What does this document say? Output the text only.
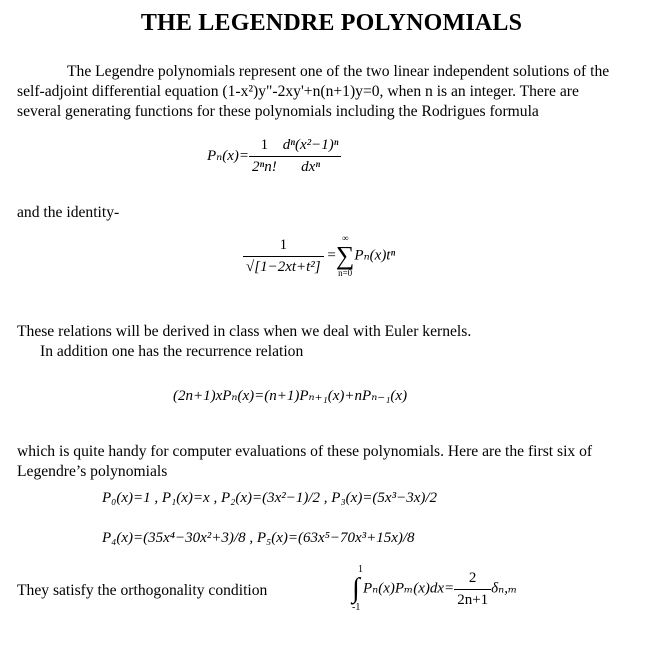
THE LEGENDRE POLYNOMIALS
The Legendre polynomials represent one of the two linear independent solutions of the
self-adjoint differential equation (1-x²)y"-2xy'+n(n+1)y=0, when n is an integer. There are
several generating functions for these polynomials including the Rodrigues formula
$P_n(x)= \frac{1}{\text{2ⁿn!}} \frac{\text{dⁿ(x²−1)ⁿ}}{\text{dxⁿ}}$
and the identity-
$\frac{1}{\text{√[1−2xt+t²]}}$ =
∞
∑
n=0
Pₙ(x)tⁿ
These relations will be derived in class when we deal with Euler kernels.
In addition one has the recurrence relation
(2n+1)xPₙ(x)=(n+1)Pₙ₊₁(x)+nPₙ₋₁(x)
which is quite handy for computer evaluations of these polynomials. Here are the first six of
Legendre’s polynomials
P₀(x)=1 , P₁(x)=x , P₂(x)=(3x²−1)/2 , P₃(x)=(5x³−3x)/2
P₄(x)=(35x⁴−30x²+3)/8 , P₅(x)=(63x⁵−70x³+15x)/8
They satisfy the orthogonality condition
1
∫
-1
$P_n(x)P_m(x)dx= \frac{2}{2n+1} \delta_n,_m$
